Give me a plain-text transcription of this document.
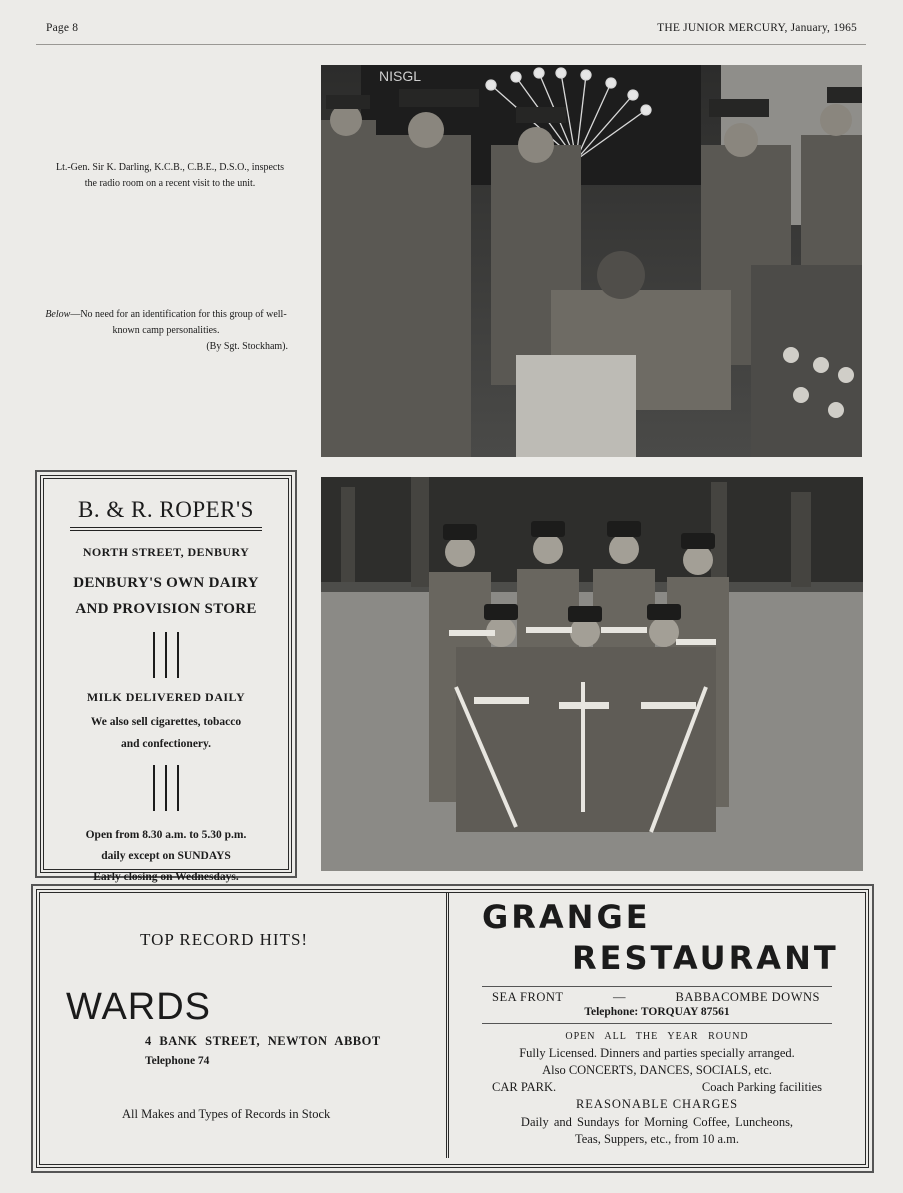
Page 8	THE JUNIOR MERCURY, January, 1965
Lt.-Gen. Sir K. Darling, K.C.B., C.B.E., D.S.O., inspects the radio room on a recent visit to the unit.
Below—No need for an identification for this group of well-known camp personalities.
(By Sgt. Stockham).
NISGL
B. & R. ROPER'S
NORTH STREET, DENBURY
DENBURY'S OWN DAIRY
AND PROVISION STORE
MILK DELIVERED DAILY
We also sell cigarettes, tobacco
and confectionery.
Open from 8.30 a.m. to 5.30 p.m.
daily except on SUNDAYS
Early closing on Wednesdays.
TOP RECORD HITS!
WARDS
4 BANK STREET, NEWTON ABBOT
Telephone 74
All Makes and Types of Records in Stock
GRANGE
RESTAURANT
SEA FRONT	—	BABBACOMBE DOWNS
Telephone: TORQUAY 87561
OPEN ALL THE YEAR ROUND
Fully Licensed. Dinners and parties specially arranged.
Also CONCERTS, DANCES, SOCIALS, etc.
CAR PARK.	Coach Parking facilities
REASONABLE CHARGES
Daily and Sundays for Morning Coffee, Luncheons,
Teas, Suppers, etc., from 10 a.m.
